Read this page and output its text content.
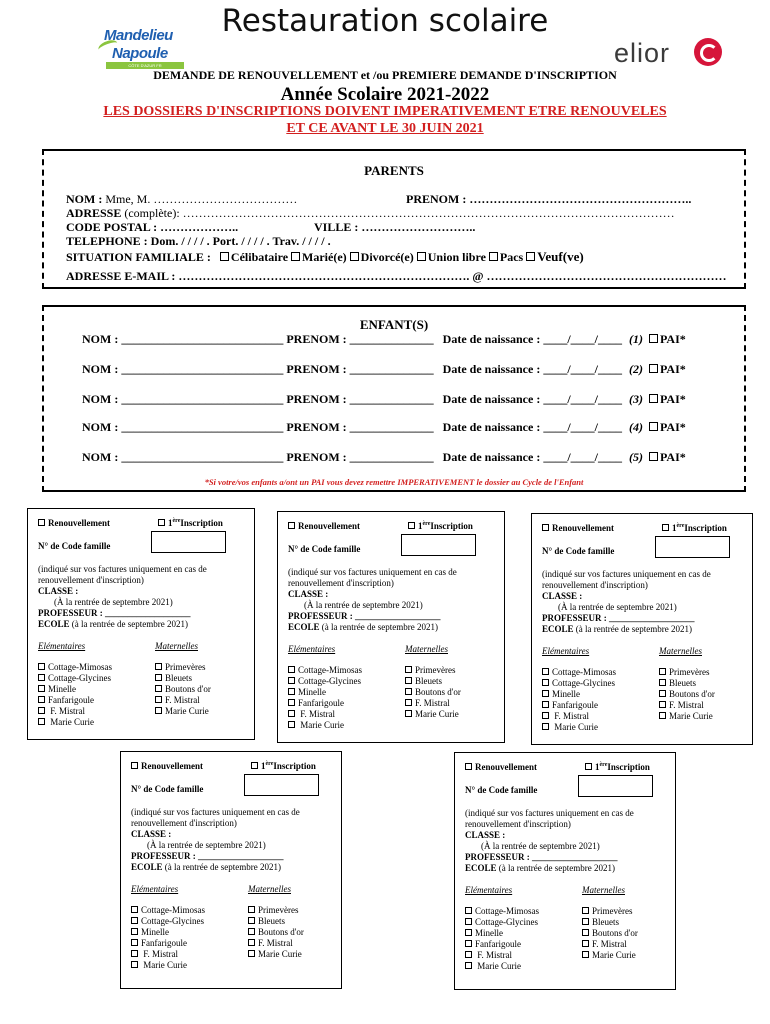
Mandelieu
Napoule
CÔTE D'AZUR FR
Restauration scolaire
elior
DEMANDE DE RENOUVELLEMENT et /ou PREMIERE DEMANDE D'INSCRIPTION
Année Scolaire 2021-2022
LES DOSSIERS D'INSCRIPTIONS DOIVENT IMPERATIVEMENT ETRE RENOUVELES
ET CE AVANT LE 30 JUIN 2021
PARENTS
NOM : Mme, M. ………………………………	PRENOM : ………………………………………………..
ADRESSE (complète): ……………………………………………………………………………………………………………
CODE POSTAL : ………………..	VILLE : ………………………..
TELEPHONE : Dom. / / / / . Port. / / / / . Trav. / / / / .
SITUATION FAMILIALE : Célibataire Marié(e) Divorcé(e) Union libre Pacs Veuf(ve)
ADRESSE E-MAIL : ………………………………………………………………. @ ……………………………………………………
ENFANT(S)
NOM : ___________________________ PRENOM : ______________ Date de naissance : ____/____/____ (1) PAI*
NOM : ___________________________ PRENOM : ______________ Date de naissance : ____/____/____ (2) PAI*
NOM : ___________________________ PRENOM : ______________ Date de naissance : ____/____/____ (3) PAI*
NOM : ___________________________ PRENOM : ______________ Date de naissance : ____/____/____ (4) PAI*
NOM : ___________________________ PRENOM : ______________ Date de naissance : ____/____/____ (5) PAI*
*Si votre/vos enfants a/ont un PAI vous devez remettre IMPERATIVEMENT le dossier au Cycle de l'Enfant
Renouvellement	1èreInscription
N° de Code famille
(indiqué sur vos factures uniquement en cas de
renouvellement d'inscription)
CLASSE :
(À la rentrée de septembre 2021)
PROFESSEUR : ___________________
ECOLE (à la rentrée de septembre 2021)
Elémentaires	Maternelles
Cottage-Mimosas
Cottage-Glycines
Minelle
Fanfarigoule
F. Mistral
Marie Curie
Primevères
Bleuets
Boutons d'or
F. Mistral
Marie Curie
Renouvellement	1èreInscription
N° de Code famille
(indiqué sur vos factures uniquement en cas de
renouvellement d'inscription)
CLASSE :
(À la rentrée de septembre 2021)
PROFESSEUR : ___________________
ECOLE (à la rentrée de septembre 2021)
Elémentaires	Maternelles
Cottage-Mimosas
Cottage-Glycines
Minelle
Fanfarigoule
F. Mistral
Marie Curie
Primevères
Bleuets
Boutons d'or
F. Mistral
Marie Curie
Renouvellement	1èreInscription
N° de Code famille
(indiqué sur vos factures uniquement en cas de
renouvellement d'inscription)
CLASSE :
(À la rentrée de septembre 2021)
PROFESSEUR : ___________________
ECOLE (à la rentrée de septembre 2021)
Elémentaires	Maternelles
Cottage-Mimosas
Cottage-Glycines
Minelle
Fanfarigoule
F. Mistral
Marie Curie
Primevères
Bleuets
Boutons d'or
F. Mistral
Marie Curie
Renouvellement	1èreInscription
N° de Code famille
(indiqué sur vos factures uniquement en cas de
renouvellement d'inscription)
CLASSE :
(À la rentrée de septembre 2021)
PROFESSEUR : ___________________
ECOLE (à la rentrée de septembre 2021)
Elémentaires	Maternelles
Cottage-Mimosas
Cottage-Glycines
Minelle
Fanfarigoule
F. Mistral
Marie Curie
Primevères
Bleuets
Boutons d'or
F. Mistral
Marie Curie
Renouvellement	1èreInscription
N° de Code famille
(indiqué sur vos factures uniquement en cas de
renouvellement d'inscription)
CLASSE :
(À la rentrée de septembre 2021)
PROFESSEUR : ___________________
ECOLE (à la rentrée de septembre 2021)
Elémentaires	Maternelles
Cottage-Mimosas
Cottage-Glycines
Minelle
Fanfarigoule
F. Mistral
Marie Curie
Primevères
Bleuets
Boutons d'or
F. Mistral
Marie Curie
